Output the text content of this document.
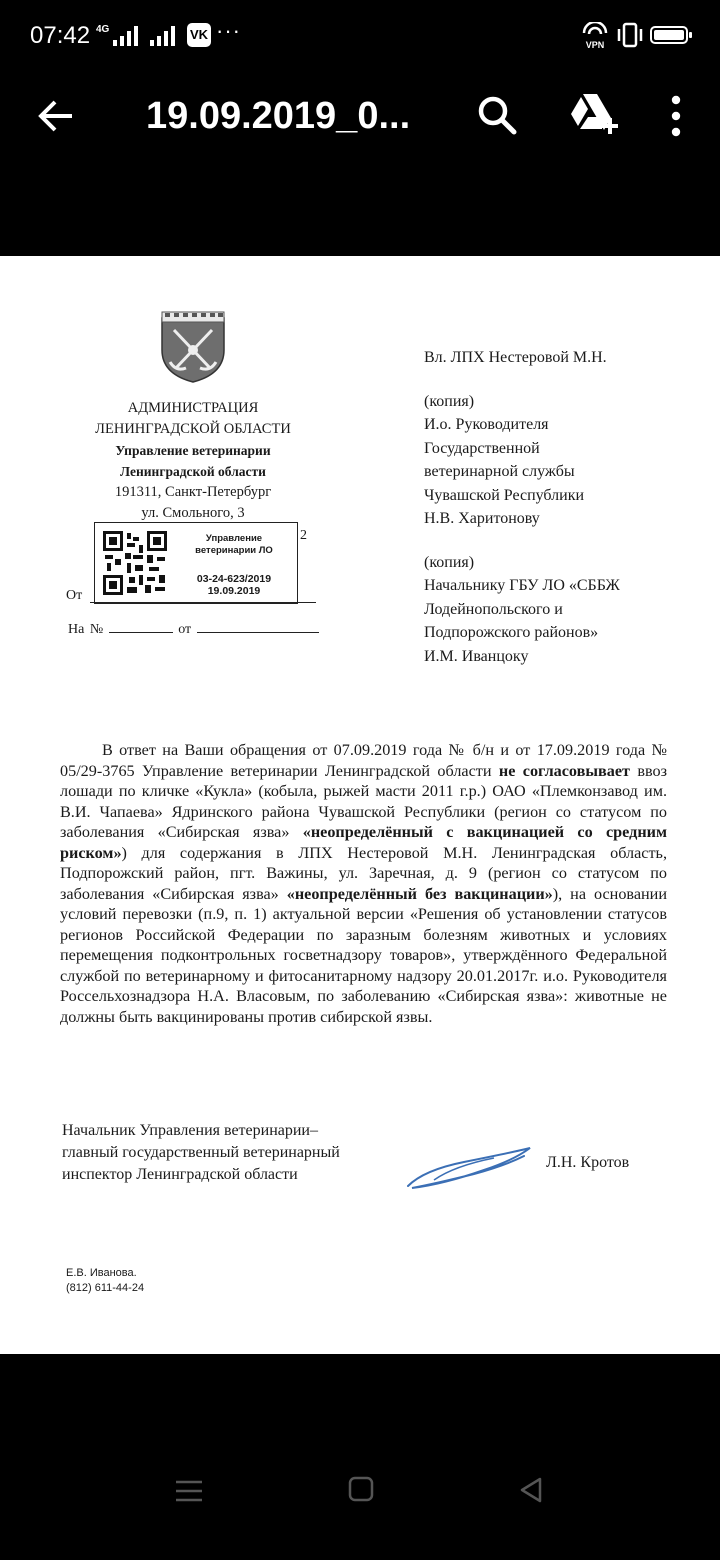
07:42 4G	VK ···
VPN
19.09.2019_0...
АДМИНИСТРАЦИЯ
ЛЕНИНГРАДСКОЙ ОБЛАСТИ
Управление ветеринарии
Ленинградской области
191311, Санкт-Петербург
ул. Смольного, 3

Вл. ЛПХ Нестеровой М.Н.

(копия)

И.о. Руководителя

Государственной

ветеринарной службы

Чувашской Республики

Н.В. Харитонову

(копия)

Начальнику ГБУ ЛО «СББЖ

Лодейнопольского и

Подпорожского районов»

И.М. Иванцоку

Управление
ветеринарии ЛО
03-24-623/2019
19.09.2019
2
От
На №	от

В ответ на Ваши обращения от 07.09.2019 года № б/н и от 17.09.2019 года № 05/29-3765 Управление ветеринарии Ленинградской области не согласовывает ввоз лошади по кличке «Кукла» (кобыла, рыжей масти 2011 г.р.) ОАО «Племконзавод им. В.И. Чапаева» Ядринского района Чувашской Республики (регион со статусом по заболевания «Сибирская язва» «неопределённый с вакцинацией со средним риском») для содержания в ЛПХ Нестеровой М.Н. Ленинградская область, Подпорожский район, пгт. Важины, ул. Заречная, д. 9 (регион со статусом по заболевания «Сибирская язва» «неопределённый без вакцинации»), на основании условий перевозки (п.9, п. 1) актуальной версии «Решения об установлении статусов регионов Российской Федерации по заразным болезням животных и условиях перемещения подконтрольных госветнадзору товаров», утверждённого Федеральной службой по ветеринарному и фитосанитарному надзору 20.01.2017г. и.о. Руководителя Россельхознадзора Н.А. Власовым, по заболеванию «Сибирская язва»: животные не должны быть вакцинированы против сибирской язвы.

Начальник Управления ветеринарии–

главный государственный ветеринарный

инспектор Ленинградской области

Л.Н. Кротов

Е.В. Иванова.

(812) 611-44-24
